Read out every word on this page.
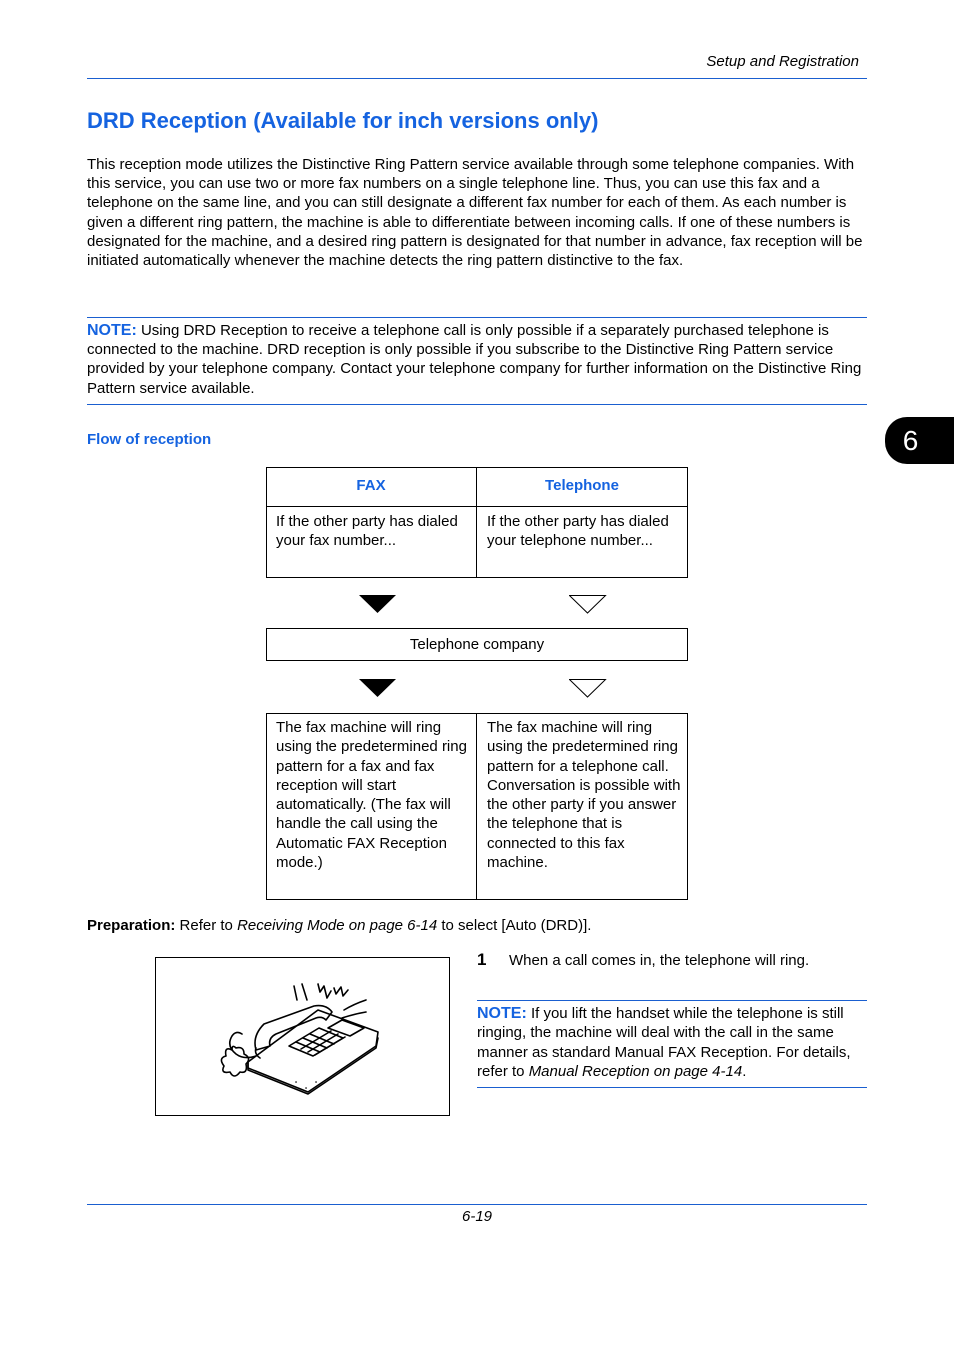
Setup and Registration
DRD Reception (Available for inch versions only)
This reception mode utilizes the Distinctive Ring Pattern service available through some telephone companies. With this service, you can use two or more fax numbers on a single telephone line. Thus, you can use this fax and a telephone on the same line, and you can still designate a different fax number for each of them. As each number is given a different ring pattern, the machine is able to differentiate between incoming calls. If one of these numbers is designated for the machine, and a desired ring pattern is designated for that number in advance, fax reception will be initiated automatically whenever the machine detects the ring pattern distinctive to the fax.
NOTE: Using DRD Reception to receive a telephone call is only possible if a separately purchased telephone is connected to the machine. DRD reception is only possible if you subscribe to the Distinctive Ring Pattern service provided by your telephone company. Contact your telephone company for further information on the Distinctive Ring Pattern service available.
6
Flow of reception
FAX	Telephone
If the other party has dialed your fax number...
If the other party has dialed your telephone number...
Telephone company
The fax machine will ring using the predetermined ring pattern for a fax and fax reception will start automatically. (The fax will handle the call using the Automatic FAX Reception mode.)
The fax machine will ring using the predetermined ring pattern for a telephone call. Conversation is possible with the other party if you answer the telephone that is connected to this fax machine.
Preparation: Refer to Receiving Mode on page 6-14 to select [Auto (DRD)].
1 When a call comes in, the telephone will ring.
NOTE: If you lift the handset while the telephone is still ringing, the machine will deal with the call in the same manner as standard Manual FAX Reception. For details, refer to Manual Reception on page 4-14.
6-19
